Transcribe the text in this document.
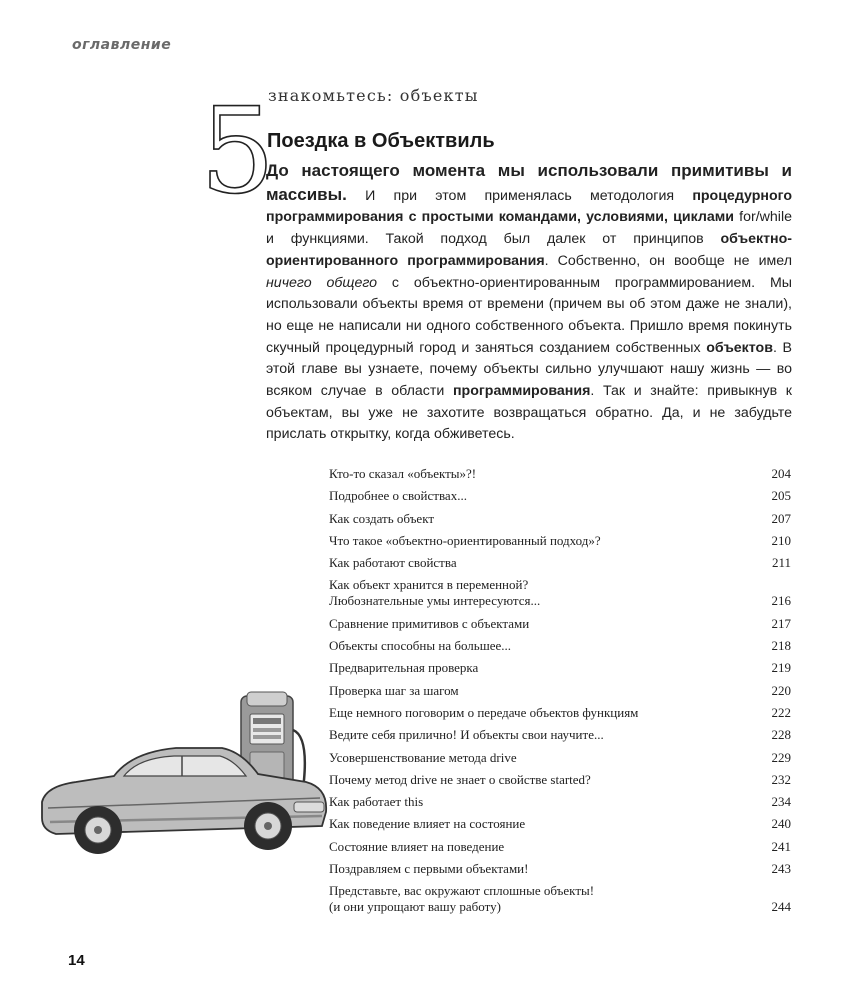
оглавление
знакомьтесь: объекты
5
Поездка в Объектвиль
До настоящего момента мы использовали примитивы и массивы. И при этом применялась методология процедурного программирования с простыми командами, условиями, циклами for/while и функциями. Такой подход был далек от принципов объектно-ориентированного программирования. Собственно, он вообще не имел ничего общего с объектно-ориентированным программированием. Мы использовали объекты время от времени (причем вы об этом даже не знали), но еще не написали ни одного собственного объекта. Пришло время покинуть скучный процедурный город и заняться созданием собственных объектов. В этой главе вы узнаете, почему объекты сильно улучшают нашу жизнь — во всяком случае в области программирования. Так и знайте: привыкнув к объектам, вы уже не захотите возвращаться обратно. Да, и не забудьте прислать открытку, когда обживетесь.
Кто-то сказал «объекты»?!	204
Подробнее о свойствах...	205
Как создать объект	207
Что такое «объектно-ориентированный подход»?	210
Как работают свойства	211
Как объект хранится в переменной?
Любознательные умы интересуются...	216
Сравнение примитивов с объектами	217
Объекты способны на большее...	218
Предварительная проверка	219
Проверка шаг за шагом	220
Еще немного поговорим о передаче объектов функциям	222
Ведите себя прилично! И объекты свои научите...	228
Усовершенствование метода drive	229
Почему метод drive не знает о свойстве started?	232
Как работает this	234
Как поведение влияет на состояние	240
Состояние влияет на поведение	241
Поздравляем с первыми объектами!	243
Представьте, вас окружают сплошные объекты!
(и они упрощают вашу работу)	244
14
